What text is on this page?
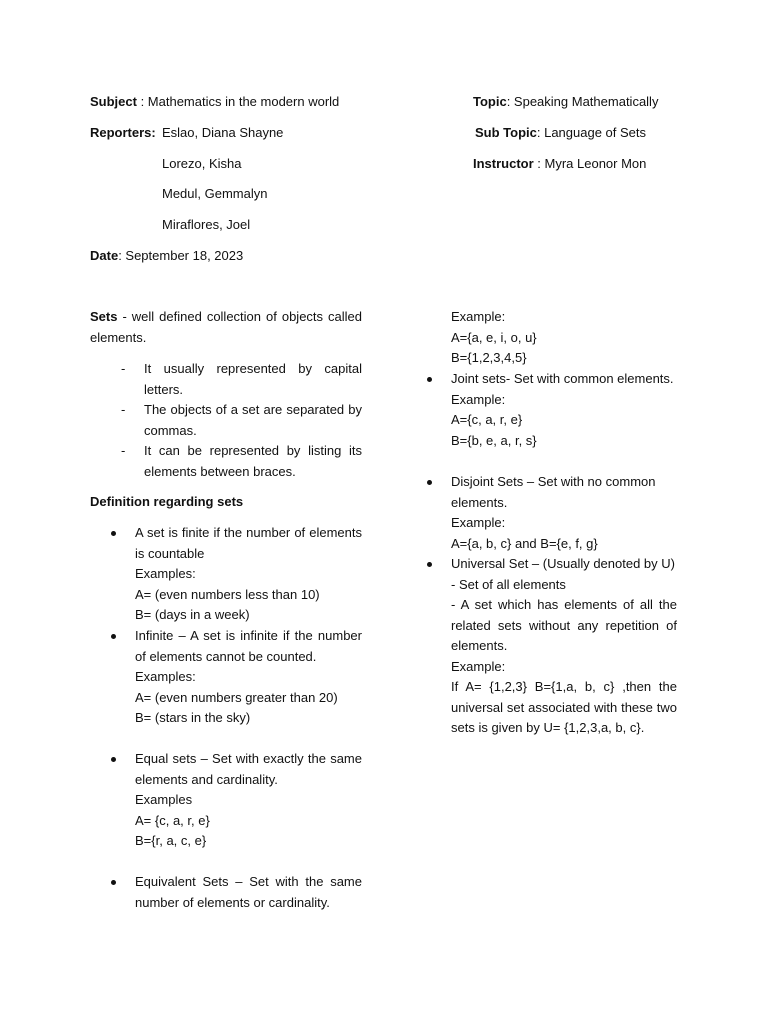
Subject : Mathematics in the modern world
Reporters: Eslao, Diana Shayne
Lorezo, Kisha
Medul, Gemmalyn
Miraflores, Joel
Date: September 18, 2023
Topic: Speaking Mathematically
Sub Topic: Language of Sets
Instructor : Myra Leonor Mon
Sets - well defined collection of objects called elements.
- It usually represented by capital letters.
- The objects of a set are separated by commas.
- It can be represented by listing its elements between braces.
Definition regarding sets
A set is finite if the number of elements is countable
Examples:
A= (even numbers less than 10)
B= (days in a week)
Infinite – A set is infinite if the number of elements cannot be counted.
Examples:
A= (even numbers greater than 20)
B= (stars in the sky)
Equal sets – Set with exactly the same elements and cardinality.
Examples
A= {c, a, r, e}
B={r, a, c, e}
Equivalent Sets – Set with the same number of elements or cardinality.
Example:
A={a, e, i, o, u}
B={1,2,3,4,5}
Joint sets- Set with common elements.
Example:
A={c, a, r, e}
B={b, e, a, r, s}
Disjoint Sets – Set with no common elements.
Example:
A={a, b, c} and B={e, f, g}
Universal Set – (Usually denoted by U)
- Set of all elements
- A set which has elements of all the related sets without any repetition of elements.
Example:
If A= {1,2,3} B={1,a, b, c} ,then the universal set associated with these two sets is given by U= {1,2,3,a, b, c}.
